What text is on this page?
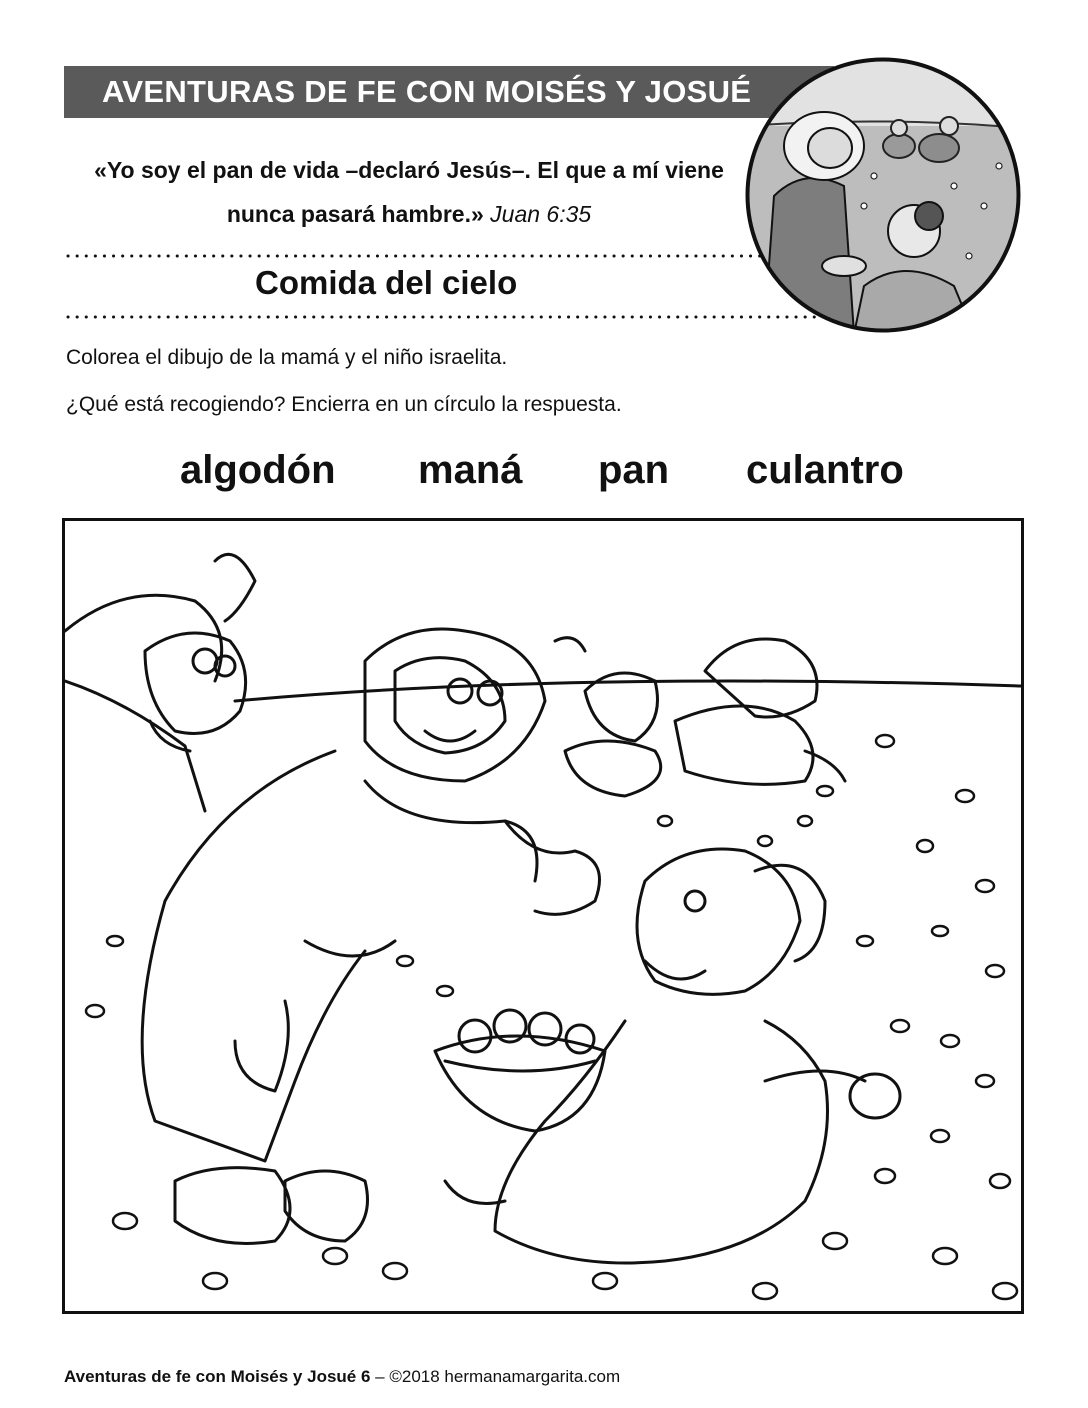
AVENTURAS DE FE CON MOISÉS Y JOSUÉ
«Yo soy el pan de vida –declaró Jesús–. El que a mí viene nunca pasará hambre.» Juan 6:35
Comida del cielo
Colorea el dibujo de la mamá y el niño israelita.
¿Qué está recogiendo? Encierra en un círculo la respuesta.
algodón maná pan culantro
Aventuras de fe con Moisés y Josué 6 – ©2018 hermanamargarita.com
